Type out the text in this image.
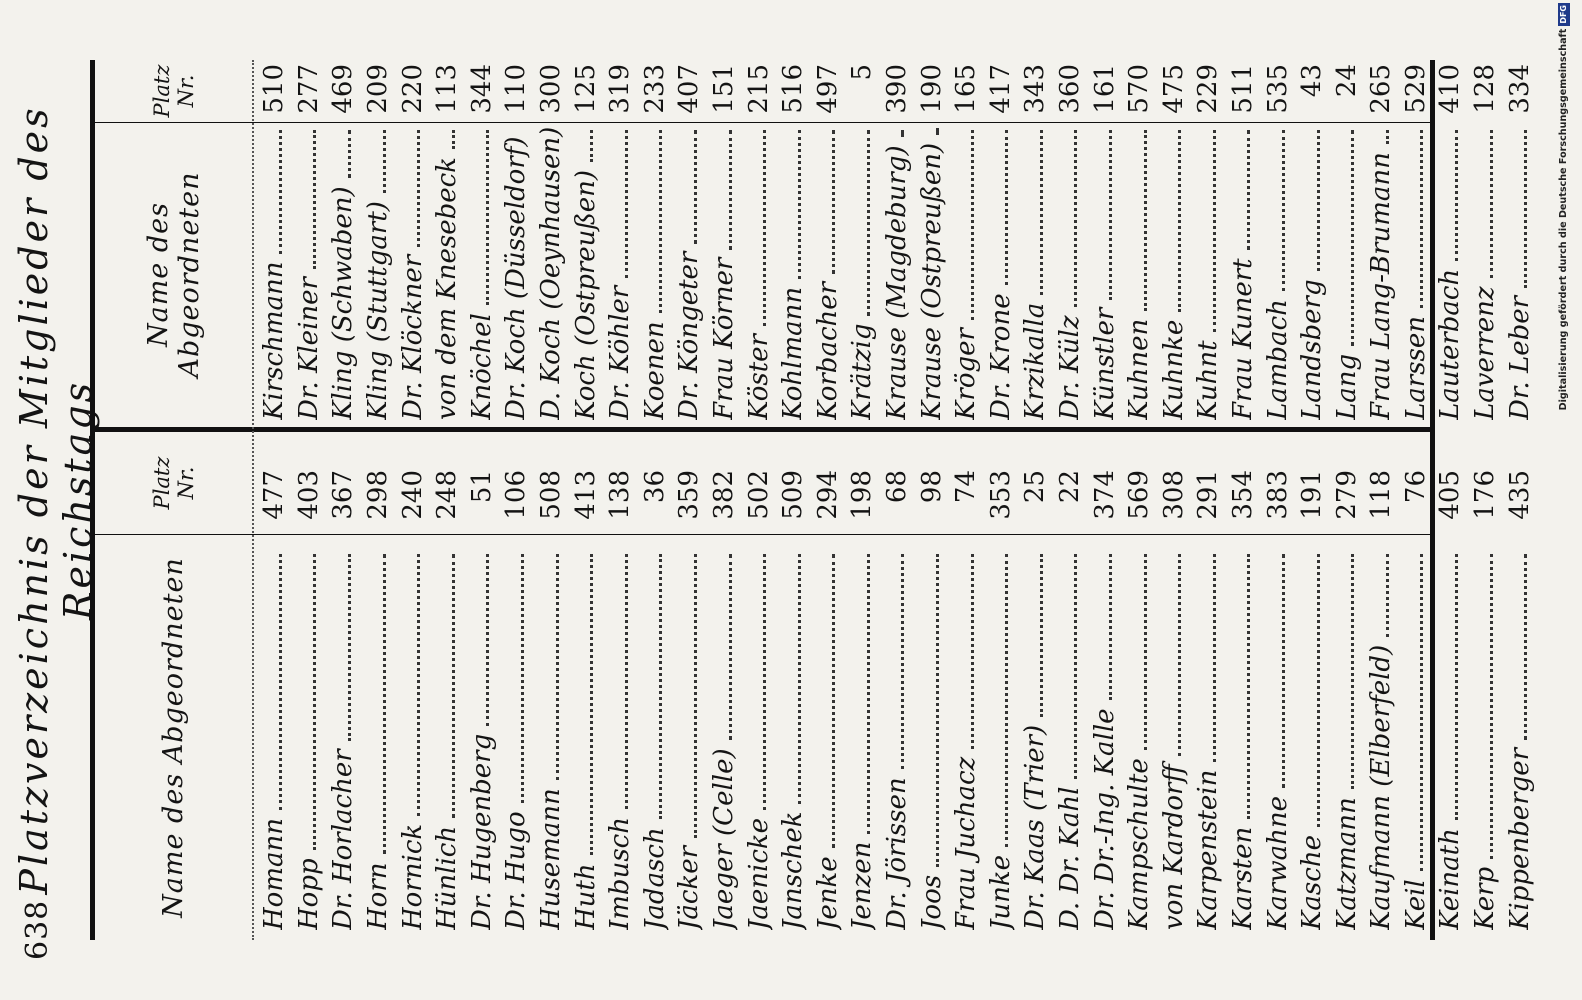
638
Platzverzeichnis der Mitglieder des Reichstags
Name des Abgeordneten
Platz
Nr.
Name des Abgeordneten
Platz
Nr.
Homann
477
Hopp
403
Dr. Horlacher
367
Horn
298
Hornick
240
Hünlich
248
Dr. Hugenberg
51
Dr. Hugo
106
Husemann
508
Huth
413
Imbusch
138
Jadasch
36
Jäcker
359
Jaeger (Celle)
382
Jaenicke
502
Janschek
509
Jenke
294
Jenzen
198
Dr. Jörissen
68
Joos
98
Frau Juchacz
74
Junke
353
Dr. Kaas (Trier)
25
D. Dr. Kahl
22
Dr. Dr.-Ing. Kalle
374
Kampschulte
569
von Kardorff
308
Karpenstein
291
Karsten
354
Karwahne
383
Kasche
191
Katzmann
279
Kaufmann (Elberfeld)
118
Keil
76
Keinath
405
Kerp
176
Kippenberger
435
Kirschmann
510
Dr. Kleiner
277
Kling (Schwaben)
469
Kling (Stuttgart)
209
Dr. Klöckner
220
von dem Knesebeck
113
Knöchel
344
Dr. Koch (Düsseldorf)
110
D. Koch (Oeynhausen)
300
Koch (Ostpreußen)
125
Dr. Köhler
319
Koenen
233
Dr. Köngeter
407
Frau Körner
151
Köster
215
Kohlmann
516
Korbacher
497
Krätzig
5
Krause (Magdeburg)
390
Krause (Ostpreußen)
190
Kröger
165
Dr. Krone
417
Krzikalla
343
Dr. Külz
360
Künstler
161
Kuhnen
570
Kuhnke
475
Kuhnt
229
Frau Kunert
511
Lambach
535
Landsberg
43
Lang
24
Frau Lang-Brumann
265
Larssen
529
Lauterbach
410
Laverrenz
128
Dr. Leber
334	Digitalisierung gefördert durch die Deutsche ForschungsgemeinschaftDFG
